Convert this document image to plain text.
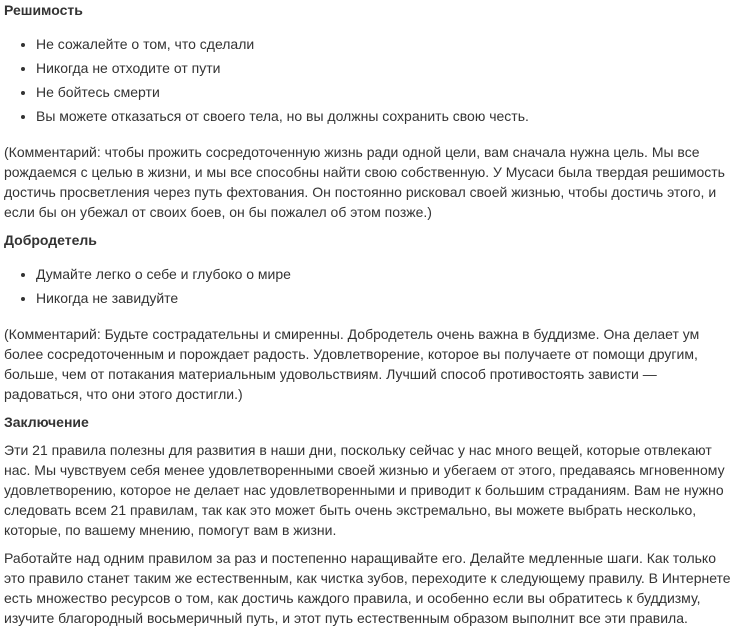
Решимость
• Не сожалейте о том, что сделали
• Никогда не отходите от пути
• Не бойтесь смерти
• Вы можете отказаться от своего тела, но вы должны сохранить свою честь.

(Комментарий: чтобы прожить сосредоточенную жизнь ради одной цели, вам сначала нужна цель. Мы все рождаемся с целью в жизни, и мы все способны найти свою собственную. У Мусаси была твердая решимость достичь просветления через путь фехтования. Он постоянно рисковал своей жизнью, чтобы достичь этого, и если бы он убежал от своих боев, он бы пожалел об этом позже.)

Добродетель
• Думайте легко о себе и глубоко о мире
• Никогда не завидуйте

(Комментарий: Будьте сострадательны и смиренны. Добродетель очень важна в буддизме. Она делает ум более сосредоточенным и порождает радость. Удовлетворение, которое вы получаете от помощи другим, больше, чем от потакания материальным удовольствиям. Лучший способ противостоять зависти — радоваться, что они этого достигли.)

Заключение

Эти 21 правила полезны для развития в наши дни, поскольку сейчас у нас много вещей, которые отвлекают нас. Мы чувствуем себя менее удовлетворенными своей жизнью и убегаем от этого, предаваясь мгновенному удовлетворению, которое не делает нас удовлетворенными и приводит к большим страданиям. Вам не нужно следовать всем 21 правилам, так как это может быть очень экстремально, вы можете выбрать несколько, которые, по вашему мнению, помогут вам в жизни.

Работайте над одним правилом за раз и постепенно наращивайте его. Делайте медленные шаги. Как только это правило станет таким же естественным, как чистка зубов, переходите к следующему правилу. В Интернете есть множество ресурсов о том, как достичь каждого правила, и особенно если вы обратитесь к буддизму, изучите благородный восьмеричный путь, и этот путь естественным образом выполнит все эти правила.
